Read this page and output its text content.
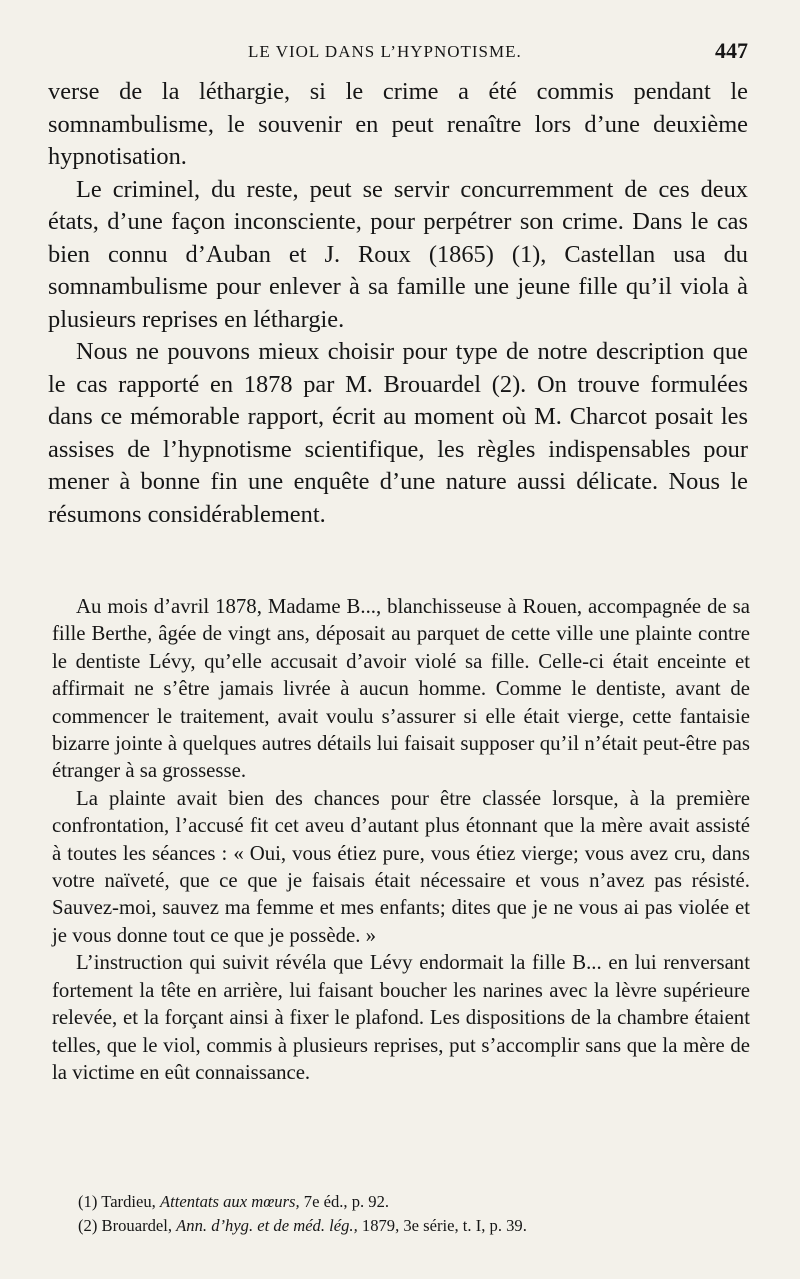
LE VIOL DANS L’HYPNOTISME.	447

verse de la léthargie, si le crime a été commis pendant le somnambulisme, le souvenir en peut renaître lors d’une deuxième hypnotisation.

Le criminel, du reste, peut se servir concurremment de ces deux états, d’une façon inconsciente, pour perpétrer son crime. Dans le cas bien connu d’Auban et J. Roux (1865) (1), Castellan usa du somnambulisme pour enlever à sa famille une jeune fille qu’il viola à plusieurs reprises en léthargie.

Nous ne pouvons mieux choisir pour type de notre description que le cas rapporté en 1878 par M. Brouardel (2). On trouve formulées dans ce mémorable rapport, écrit au moment où M. Charcot posait les assises de l’hypnotisme scientifique, les règles indispensables pour mener à bonne fin une enquête d’une nature aussi délicate. Nous le résumons considérablement.

Au mois d’avril 1878, Madame B..., blanchisseuse à Rouen, accompagnée de sa fille Berthe, âgée de vingt ans, déposait au parquet de cette ville une plainte contre le dentiste Lévy, qu’elle accusait d’avoir violé sa fille. Celle-ci était enceinte et affirmait ne s’être jamais livrée à aucun homme. Comme le dentiste, avant de commencer le traitement, avait voulu s’assurer si elle était vierge, cette fantaisie bizarre jointe à quelques autres détails lui faisait supposer qu’il n’était peut-être pas étranger à sa grossesse.

La plainte avait bien des chances pour être classée lorsque, à la première confrontation, l’accusé fit cet aveu d’autant plus étonnant que la mère avait assisté à toutes les séances : « Oui, vous étiez pure, vous étiez vierge; vous avez cru, dans votre naïveté, que ce que je faisais était nécessaire et vous n’avez pas résisté. Sauvez-moi, sauvez ma femme et mes enfants; dites que je ne vous ai pas violée et je vous donne tout ce que je possède. »

L’instruction qui suivit révéla que Lévy endormait la fille B... en lui renversant fortement la tête en arrière, lui faisant boucher les narines avec la lèvre supérieure relevée, et la forçant ainsi à fixer le plafond. Les dispositions de la chambre étaient telles, que le viol, commis à plusieurs reprises, put s’accomplir sans que la mère de la victime en eût connaissance.

(1) Tardieu, Attentats aux mœurs, 7e éd., p. 92.
(2) Brouardel, Ann. d’hyg. et de méd. lég., 1879, 3e série, t. I, p. 39.
